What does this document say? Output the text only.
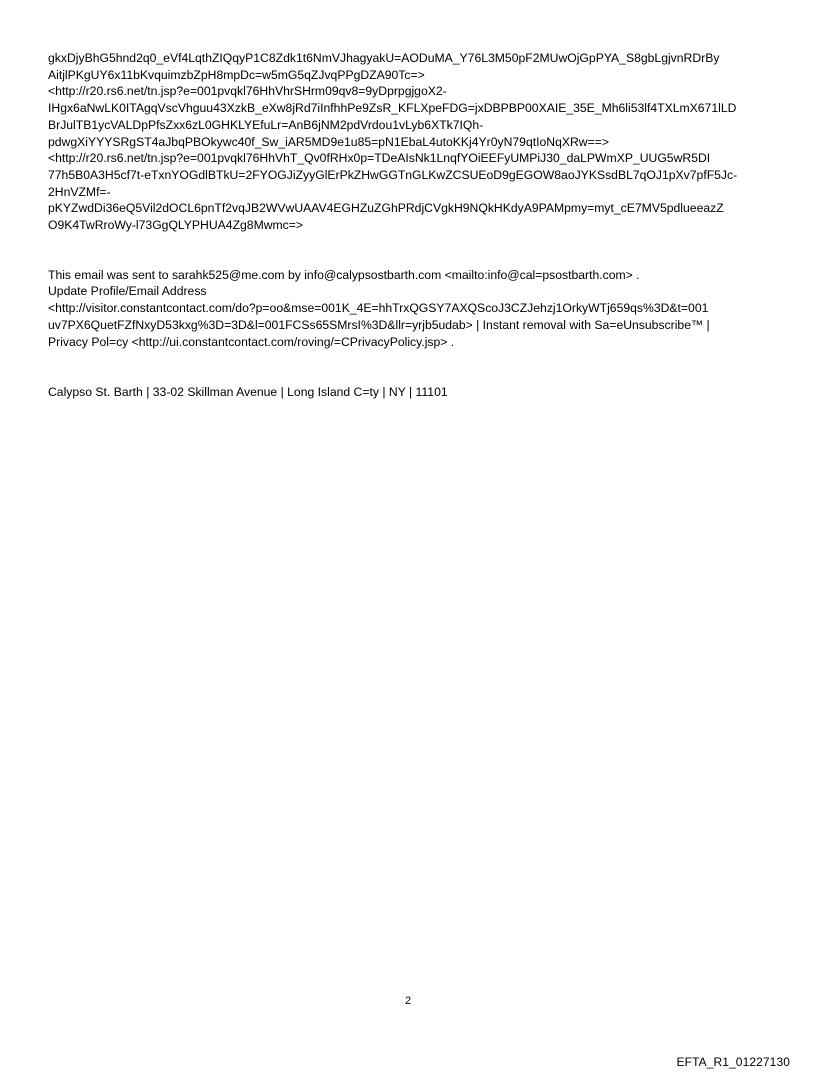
gkxDjyBhG5hnd2q0_eVf4LqthZIQqyP1C8Zdk1t6NmVJhagyakU=AODuMA_Y76L3M50pF2MUwOjGpPYA_S8gbLgjvnRDrBy
AitjlPKgUY6x11bKvquimzbZpH8mpDc=w5mG5qZJvqPPgDZA90Tc=>
<http://r20.rs6.net/tn.jsp?e=001pvqkl76HhVhrSHrm09qv8=9yDprpgjgoX2-
IHgx6aNwLK0ITAgqVscVhguu43XzkB_eXw8jRd7iInfhhPe9ZsR_KFLXpeFDG=jxDBPBP00XAIE_35E_Mh6li53lf4TXLmX671lLD
BrJulTB1ycVALDpPfsZxx6zL0GHKLYEfuLr=AnB6jNM2pdVrdou1vLyb6XTk7IQh-
pdwgXiYYYSRgST4aJbqPBOkywc40f_Sw_iAR5MD9e1u85=pN1EbaL4utoKKj4Yr0yN79qtIoNqXRw==>
<http://r20.rs6.net/tn.jsp?e=001pvqkl76HhVhT_Qv0fRHx0p=TDeAIsNk1LnqfYOiEEFyUMPiJ30_daLPWmXP_UUG5wR5DI
77h5B0A3H5cf7t-eTxnYOGdlBTkU=2FYOGJiZyyGlErPkZHwGGTnGLKwZCSUEoD9gEGOW8aoJYKSsdBL7qOJ1pXv7pfF5Jc-
2HnVZMf=-
pKYZwdDi36eQ5Vil2dOCL6pnTf2vqJB2WVwUAAV4EGHZuZGhPRdjCVgkH9NQkHKdyA9PAMpmy=myt_cE7MV5pdlueeazZ
O9K4TwRroWy-l73GgQLYPHUA4Zg8Mwmc=>
This email was sent to sarahk525@me.com by info@calypsostbarth.com <mailto:info@cal=psostbarth.com> .
Update Profile/Email Address
<http://visitor.constantcontact.com/do?p=oo&mse=001K_4E=hhTrxQGSY7AXQScoJ3CZJehzj1OrkyWTj659qs%3D&t=001
uv7PX6QuetFZfNxyD53kxg%3D=3D&l=001FCSs65SMrsI%3D&llr=yrjb5udab> | Instant removal with Sa=eUnsubscribe™ |
Privacy Pol=cy <http://ui.constantcontact.com/roving/=CPrivacyPolicy.jsp> .
Calypso St. Barth | 33-02 Skillman Avenue | Long Island C=ty | NY | 11101
2
EFTA_R1_01227130
